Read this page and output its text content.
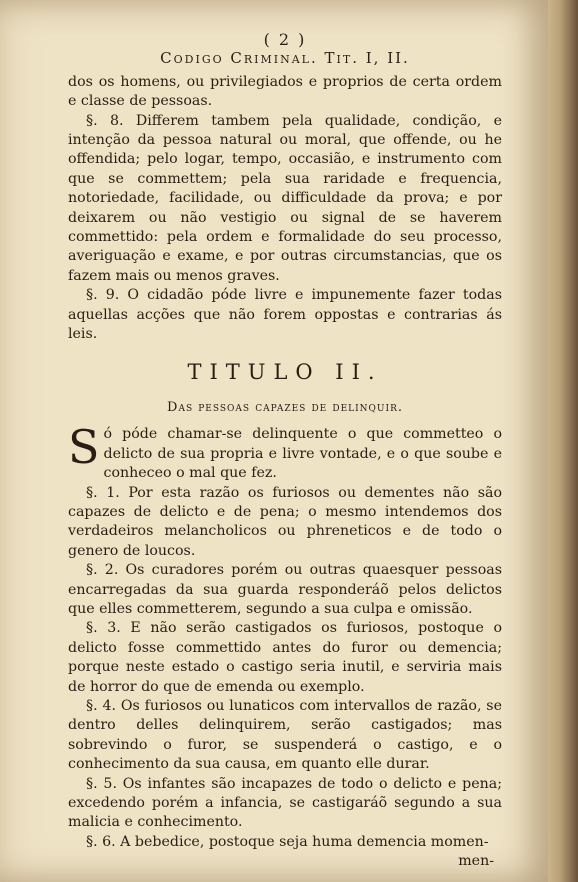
( 2 )
Codigo Criminal. Tit. I, II.

dos os homens, ou privilegiados e proprios de certa ordem e classe de pessoas.

§. 8. Differem tambem pela qualidade, condição, e intenção da pessoa natural ou moral, que offende, ou he offendida; pelo logar, tempo, occasião, e instrumento com que se commettem; pela sua raridade e frequencia, notoriedade, facilidade, ou difficuldade da prova; e por deixarem ou não vestigio ou signal de se haverem commettido: pela ordem e formalidade do seu processo, averiguação e exame, e por outras circumstancias, que os fazem mais ou menos graves.

§. 9. O cidadão póde livre e impunemente fazer todas aquellas acções que não forem oppostas e contrarias ás leis.

TITULO II.
Das pessoas capazes de delinquir.

Só póde chamar-se delinquente o que commetteo o delicto de sua propria e livre vontade, e o que soube e conheceo o mal que fez.

§. 1. Por esta razão os furiosos ou dementes não são capazes de delicto e de pena; o mesmo intendemos dos verdadeiros melancholicos ou phreneticos e de todo o genero de loucos.

§. 2. Os curadores porém ou outras quaesquer pessoas encarregadas da sua guarda responderáõ pelos delictos que elles commetterem, segundo a sua culpa e omissão.

§. 3. E não serão castigados os furiosos, postoque o delicto fosse commettido antes do furor ou demencia; porque neste estado o castigo seria inutil, e serviria mais de horror do que de emenda ou exemplo.

§. 4. Os furiosos ou lunaticos com intervallos de razão, se dentro delles delinquirem, serão castigados; mas sobrevindo o furor, se suspenderá o castigo, e o conhecimento da sua causa, em quanto elle durar.

§. 5. Os infantes são incapazes de todo o delicto e pena; excedendo porém a infancia, se castigaráõ segundo a sua malicia e conhecimento.

§. 6. A bebedice, postoque seja huma demencia momen-

men-
